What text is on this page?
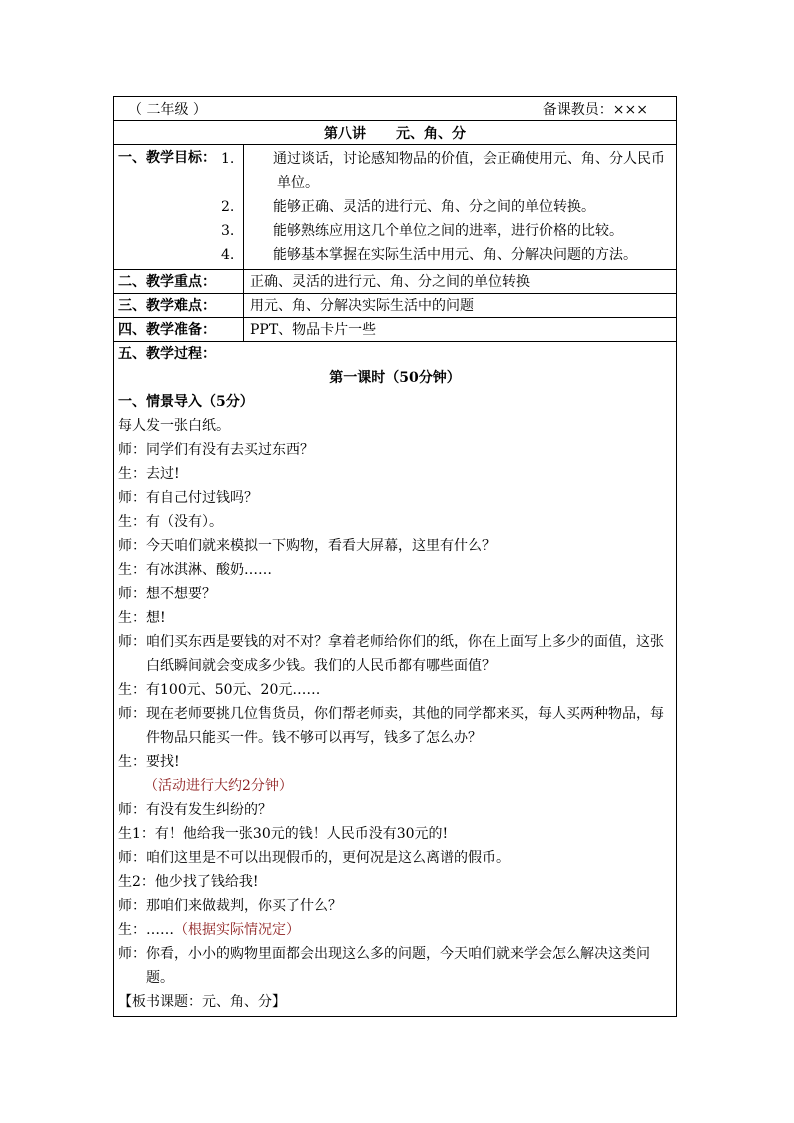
（ 二年级 ）	备课教员：×××
第八讲 元、角、分
一、教学目标： 1.	通过谈话，讨论感知物品的价值，会正确使用元、角、分人民币单位。
2.	能够正确、灵活的进行元、角、分之间的单位转换。
3.	能够熟练应用这几个单位之间的进率，进行价格的比较。
4.	能够基本掌握在实际生活中用元、角、分解决问题的方法。
二、教学重点：	正确、灵活的进行元、角、分之间的单位转换
三、教学难点：	用元、角、分解决实际生活中的问题
四、教学准备：	PPT、物品卡片一些
五、教学过程：
第一课时（50分钟）
一、情景导入（5分）
每人发一张白纸。
师：同学们有没有去买过东西？
生：去过!
师：有自己付过钱吗？
生：有（没有）。
师：今天咱们就来模拟一下购物，看看大屏幕，这里有什么？
生：有冰淇淋、酸奶……
师：想不想要？
生：想!
师：咱们买东西是要钱的对不对？拿着老师给你们的纸，你在上面写上多少的面值，这张白纸瞬间就会变成多少钱。我们的人民币都有哪些面值？
生：有100元、50元、20元……
师：现在老师要挑几位售货员，你们帮老师卖，其他的同学都来买，每人买两种物品，每件物品只能买一件。钱不够可以再写，钱多了怎么办？
生：要找!
（活动进行大约2分钟）
师：有没有发生纠纷的？
生1：有！他给我一张30元的钱！人民币没有30元的!
师：咱们这里是不可以出现假币的，更何况是这么离谱的假币。
生2：他少找了钱给我!
师：那咱们来做裁判，你买了什么？
生：……（根据实际情况定）
师：你看，小小的购物里面都会出现这么多的问题，今天咱们就来学会怎么解决这类问题。
【板书课题：元、角、分】
